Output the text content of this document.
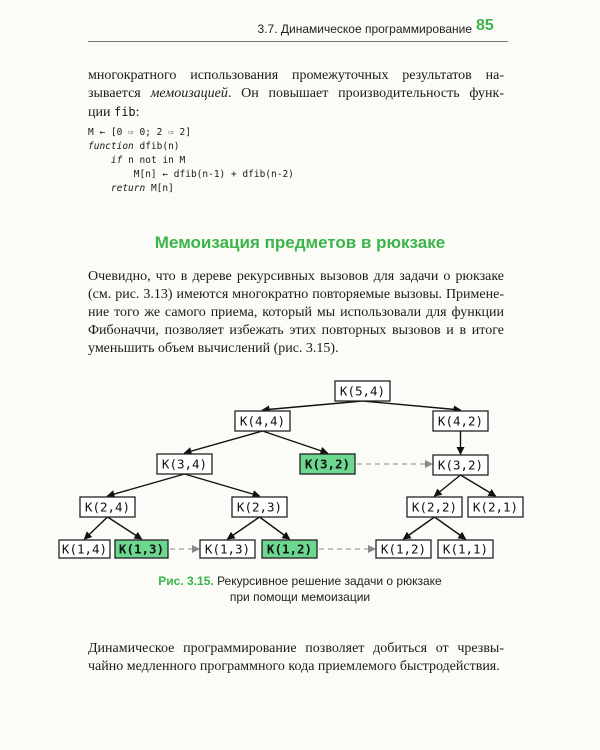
3.7. Динамическое программирование 85

многократного использования промежуточных результатов на-
зывается мемоизацией. Он повышает производительность функ-
ции fib:

M ← [0 ⇨ 0; 2 ⇨ 2]
function dfib(n)
if n not in M
M[n] ← dfib(n-1) + dfib(n-2)
return M[n]
Мемоизация предметов в рюкзаке

Очевидно, что в дереве рекурсивных вызовов для задачи о рюкзаке
(см. рис. 3.13) имеются многократно повторяемые вызовы. Примене-
ние того же самого приема, который мы использовали для функции
Фибоначчи, позволяет избежать этих повторных вызовов и в итоге
уменьшить объем вычислений (рис. 3.15).

K(5,4)
K(4,4)	K(4,2)
K(3,4)	K(3,2)	K(3,2)
K(2,4)	K(2,3)	K(2,2) K(2,1)
K(1,4) K(1,3)	K(1,3) K(1,2)	K(1,2) K(1,1)
Рис. 3.15. Рекурсивное решение задачи о рюкзаке
при помощи мемоизации

Динамическое программирование позволяет добиться от чрезвы-
чайно медленного программного кода приемлемого быстродействия.
